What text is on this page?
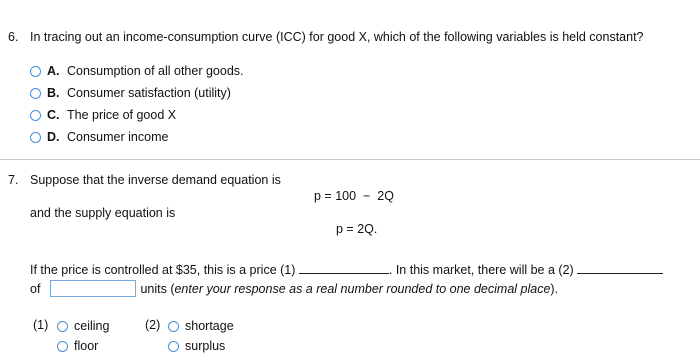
6. In tracing out an income-consumption curve (ICC) for good X, which of the following variables is held constant?
A. Consumption of all other goods.
B. Consumer satisfaction (utility)
C. The price of good X
D. Consumer income
7. Suppose that the inverse demand equation is
p = 100  −  2Q
and the supply equation is
p = 2Q.
If the price is controlled at $35, this is a price (1)	. In this market, there will be a (2)
of	units (enter your response as a real number rounded to one decimal place).
(1) ceiling
floor
(2) shortage
surplus
